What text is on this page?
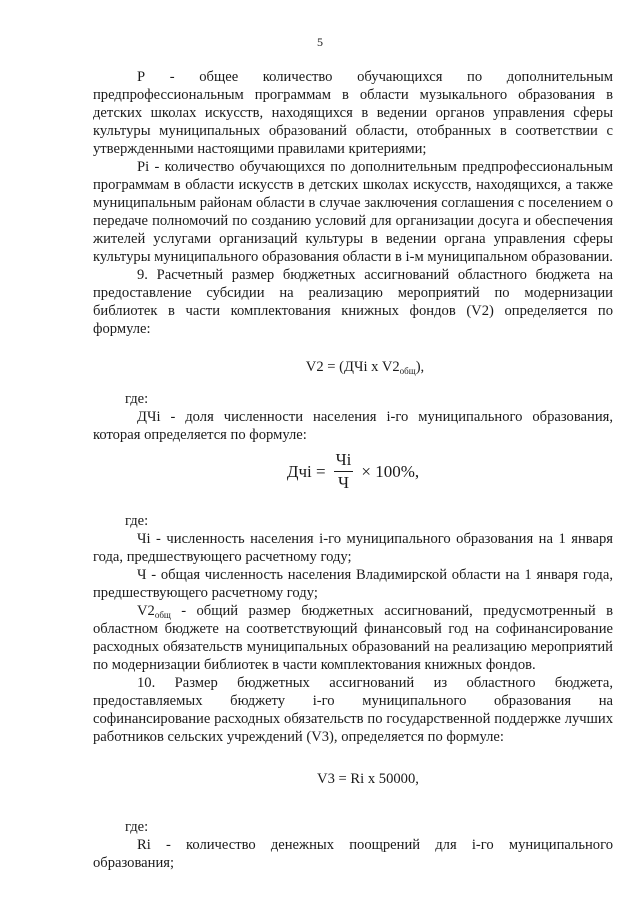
5

Р - общее количество обучающихся по дополнительным предпрофессиональным программам в области музыкального образования в детских школах искусств, находящихся в ведении органов управления сферы культуры муниципальных образований области, отобранных в соответствии с утвержденными настоящими правилами критериями;

Pi - количество обучающихся по дополнительным предпрофессиональным программам в области искусств в детских школах искусств, находящихся, а также муниципальным районам области в случае заключения соглашения с поселением о передаче полномочий по созданию условий для организации досуга и обеспечения жителей услугами организаций культуры в ведении органа управления сферы культуры муниципального образования области в i-м муниципальном образовании.

9. Расчетный размер бюджетных ассигнований областного бюджета на предоставление субсидии на реализацию мероприятий по модернизации библиотек в части комплектования книжных фондов (V2) определяется по формуле:

V2 = (ДЧi x $V2_{общ}$),

где:

ДЧi - доля численности населения i-го муниципального образования, которая определяется по формуле:

Дчi = $\frac{Чi}{Ч} \times 100\%$,

где:

Чi - численность населения i-го муниципального образования на 1 января года, предшествующего расчетному году;

Ч - общая численность населения Владимирской области на 1 января года, предшествующего расчетному году;

$V2_{общ}$ - общий размер бюджетных ассигнований, предусмотренный в областном бюджете на соответствующий финансовый год на софинансирование расходных обязательств муниципальных образований на реализацию мероприятий по модернизации библиотек в части комплектования книжных фондов.

10. Размер бюджетных ассигнований из областного бюджета, предоставляемых бюджету i-го муниципального образования на софинансирование расходных обязательств по государственной поддержке лучших работников сельских учреждений (V3), определяется по формуле:

V3 = Ri x 50000,

где:

Ri - количество денежных поощрений для i-го муниципального образования;
